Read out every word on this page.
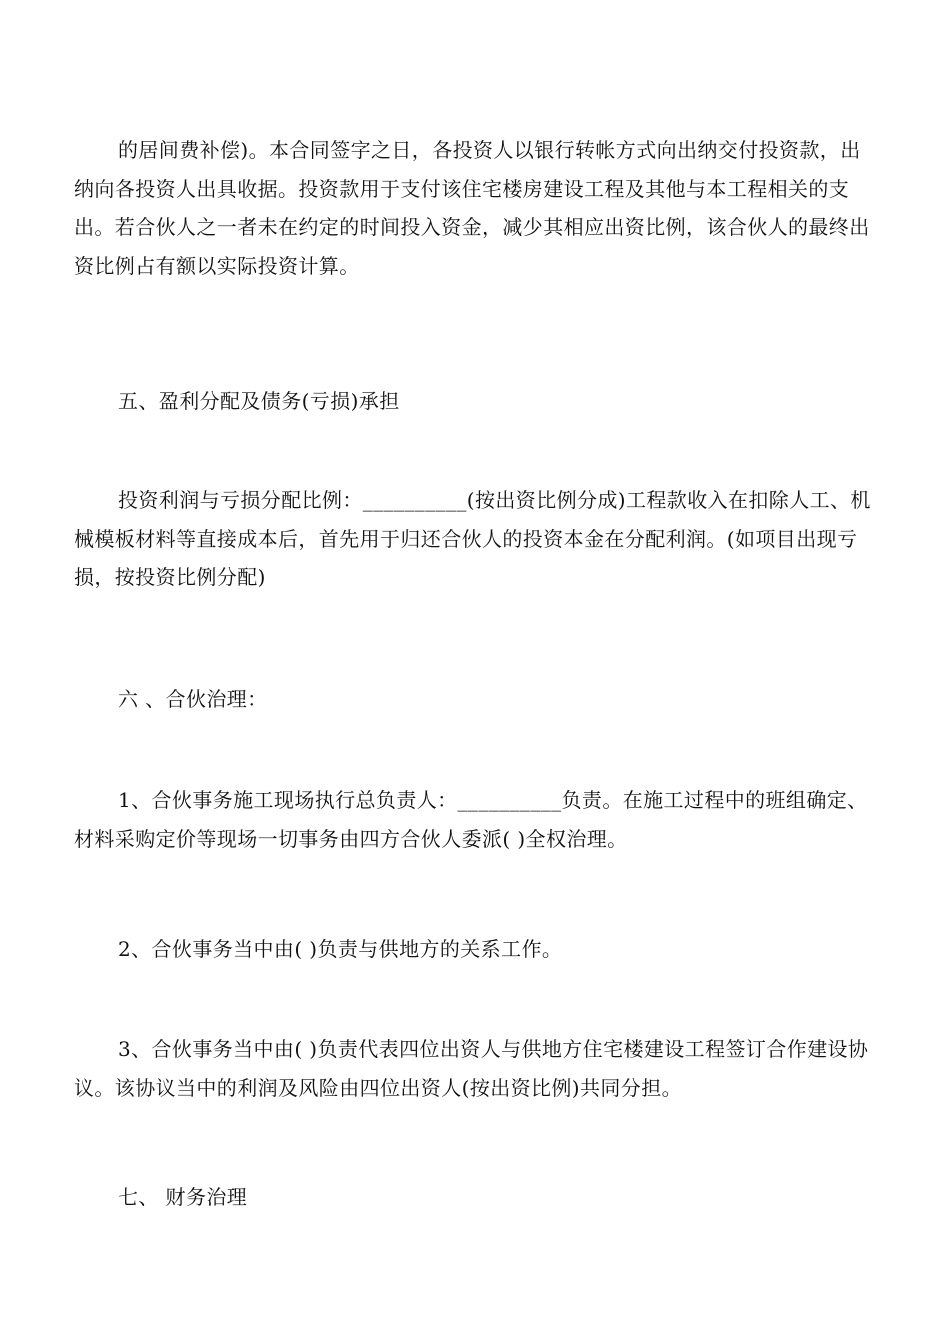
的居间费补偿)。本合同签字之日，各投资人以银行转帐方式向出纳交付投资款，出纳向各投资人出具收据。投资款用于支付该住宅楼房建设工程及其他与本工程相关的支出。若合伙人之一者未在约定的时间投入资金，减少其相应出资比例，该合伙人的最终出资比例占有额以实际投资计算。

五、盈利分配及债务(亏损)承担

投资利润与亏损分配比例：__________(按出资比例分成)工程款收入在扣除人工、机械模板材料等直接成本后，首先用于归还合伙人的投资本金在分配利润。(如项目出现亏损，按投资比例分配)

六 、合伙治理：

1、合伙事务施工现场执行总负责人：__________负责。在施工过程中的班组确定、材料采购定价等现场一切事务由四方合伙人委派( )全权治理。

2、合伙事务当中由( )负责与供地方的关系工作。

3、合伙事务当中由( )负责代表四位出资人与供地方住宅楼建设工程签订合作建设协议。该协议当中的利润及风险由四位出资人(按出资比例)共同分担。

七、 财务治理
